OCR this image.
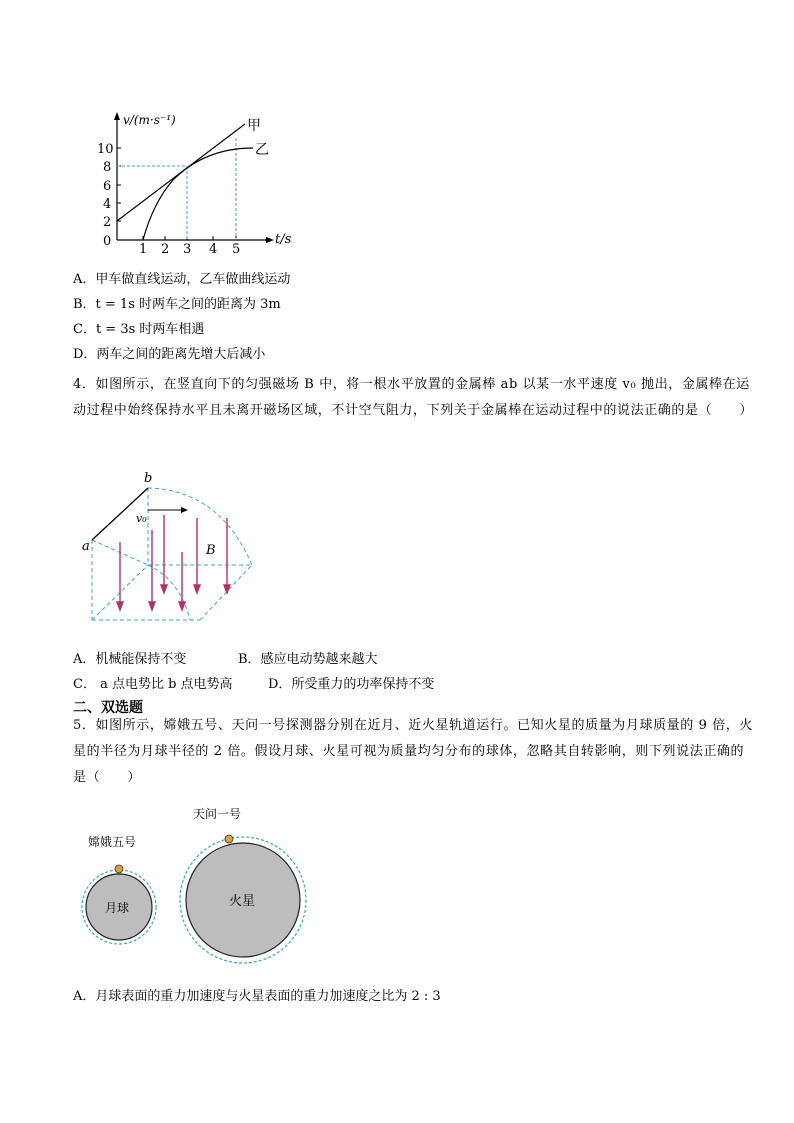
v/(m·s⁻¹)
t/s
10
8
6
4
2
0
1 2 3 4 5
甲
乙
A．甲车做直线运动，乙车做曲线运动
B．t = 1s 时两车之间的距离为 3m
C．t = 3s 时两车相遇
D．两车之间的距离先增大后减小
4．如图所示，在竖直向下的匀强磁场 B 中，将一根水平放置的金属棒 ab 以某一水平速度 v₀ 抛出，金属棒在运动过程中始终保持水平且未离开磁场区域，不计空气阻力，下列关于金属棒在运动过程中的说法正确的是（　　）
b
a
v₀
B
A．机械能保持不变	B．感应电动势越来越大
C． a 点电势比 b 点电势高	D．所受重力的功率保持不变
二、双选题
5．如图所示，嫦娥五号、天问一号探测器分别在近月、近火星轨道运行。已知火星的质量为月球质量的 9 倍，火星的半径为月球半径的 2 倍。假设月球、火星可视为质量均匀分布的球体，忽略其自转影响，则下列说法正确的是（　　）
嫦娥五号
天问一号
月球	火星
A．月球表面的重力加速度与火星表面的重力加速度之比为 2 : 3
